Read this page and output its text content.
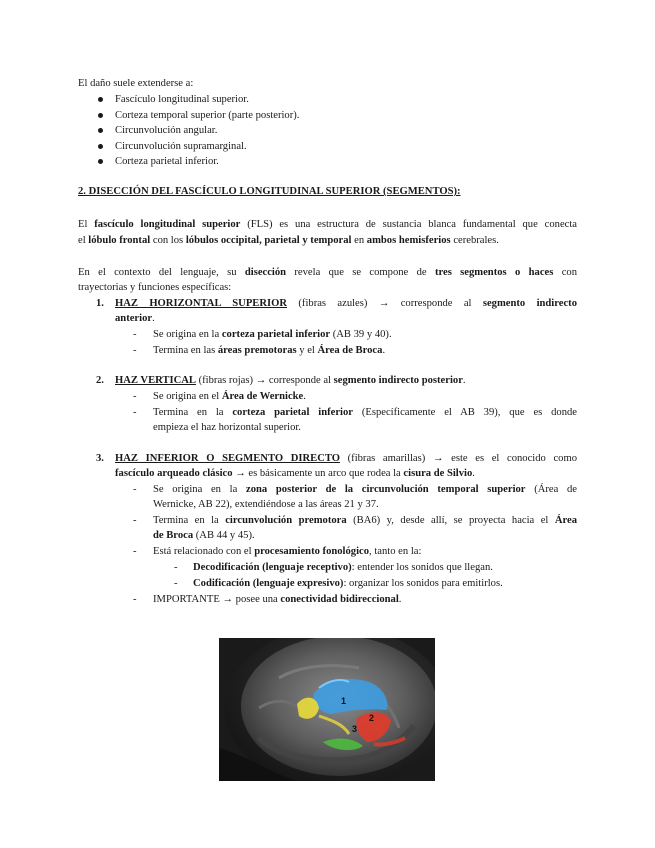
El daño suele extenderse a:
Fascículo longitudinal superior.
Corteza temporal superior (parte posterior).
Circunvolución angular.
Circunvolución supramarginal.
Corteza parietal inferior.
2. DISECCIÓN DEL FASCÍCULO LONGITUDINAL SUPERIOR (SEGMENTOS):
El fascículo longitudinal superior (FLS) es una estructura de sustancia blanca fundamental que conecta
el lóbulo frontal con los lóbulos occipital, parietal y temporal en ambos hemisferios cerebrales.
En el contexto del lenguaje, su disección revela que se compone de tres segmentos o haces con
trayectorias y funciones específicas:
1. HAZ HORIZONTAL SUPERIOR (fibras azules) → corresponde al segmento indirecto
anterior.
- Se origina en la corteza parietal inferior (AB 39 y 40).
- Termina en las áreas premotoras y el Área de Broca.
2. HAZ VERTICAL (fibras rojas) → corresponde al segmento indirecto posterior.
- Se origina en el Área de Wernicke.
- Termina en la corteza parietal inferior (Específicamente el AB 39), que es donde
empieza el haz horizontal superior.
3. HAZ INFERIOR O SEGMENTO DIRECTO (fibras amarillas) → este es el conocido como
fascículo arqueado clásico → es básicamente un arco que rodea la cisura de Silvio.
- Se origina en la zona posterior de la circunvolución temporal superior (Área de
Wernicke, AB 22), extendiéndose a las áreas 21 y 37.
- Termina en la circunvolución premotora (BA6) y, desde allí, se proyecta hacia el Área
de Broca (AB 44 y 45).
- Está relacionado con el procesamiento fonológico, tanto en la:
- Decodificación (lenguaje receptivo): entender los sonidos que llegan.
- Codificación (lenguaje expresivo): organizar los sonidos para emitirlos.
- IMPORTANTE → posee una conectividad bidireccional.
1
2
3
